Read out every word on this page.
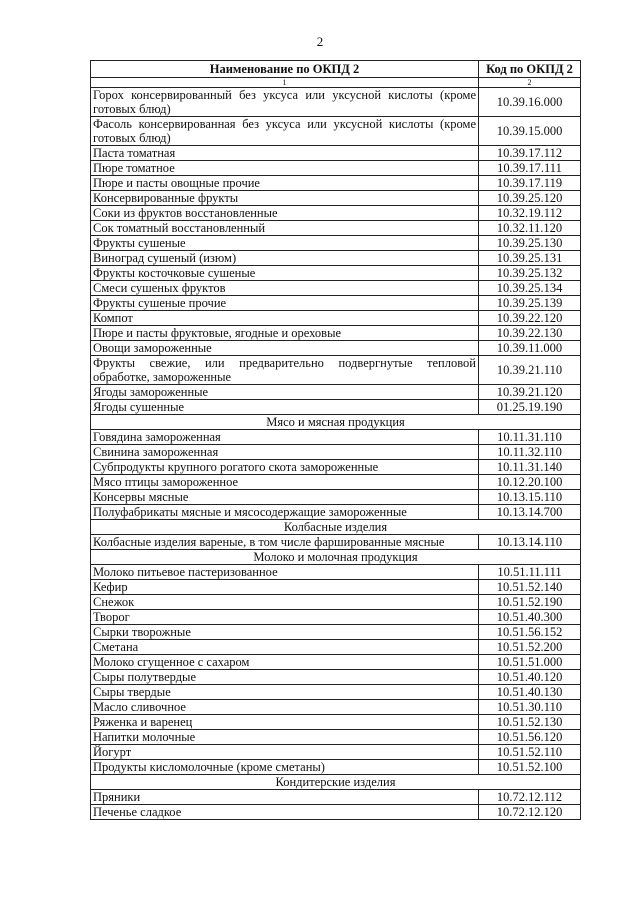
2
Наименование по ОКПД 2	Код по ОКПД 2
1	2
Горох консервированный без уксуса или уксусной кислоты (кроме готовых блюд)	10.39.16.000
Фасоль консервированная без уксуса или уксусной кислоты (кроме готовых блюд)	10.39.15.000
Паста томатная	10.39.17.112
Пюре томатное	10.39.17.111
Пюре и пасты овощные прочие	10.39.17.119
Консервированные фрукты	10.39.25.120
Соки из фруктов восстановленные	10.32.19.112
Сок томатный восстановленный	10.32.11.120
Фрукты сушеные	10.39.25.130
Виноград сушеный (изюм)	10.39.25.131
Фрукты косточковые сушеные	10.39.25.132
Смеси сушеных фруктов	10.39.25.134
Фрукты сушеные прочие	10.39.25.139
Компот	10.39.22.120
Пюре и пасты фруктовые, ягодные и ореховые	10.39.22.130
Овощи замороженные	10.39.11.000
Фрукты свежие, или предварительно подвергнутые тепловой обработке, замороженные	10.39.21.110
Ягоды замороженные	10.39.21.120
Ягоды сушенные	01.25.19.190
Мясо и мясная продукция	
Говядина замороженная	10.11.31.110
Свинина замороженная	10.11.32.110
Субпродукты крупного рогатого скота замороженные	10.11.31.140
Мясо птицы замороженное	10.12.20.100
Консервы мясные	10.13.15.110
Полуфабрикаты мясные и мясосодержащие замороженные	10.13.14.700
Колбасные изделия	
Колбасные изделия вареные, в том числе фаршированные мясные	10.13.14.110
Молоко и молочная продукция	
Молоко питьевое пастеризованное	10.51.11.111
Кефир	10.51.52.140
Снежок	10.51.52.190
Творог	10.51.40.300
Сырки творожные	10.51.56.152
Сметана	10.51.52.200
Молоко сгущенное с сахаром	10.51.51.000
Сыры полутвердые	10.51.40.120
Сыры твердые	10.51.40.130
Масло сливочное	10.51.30.110
Ряженка и варенец	10.51.52.130
Напитки молочные	10.51.56.120
Йогурт	10.51.52.110
Продукты кисломолочные (кроме сметаны)	10.51.52.100
Кондитерские изделия	
Пряники	10.72.12.112
Печенье сладкое	10.72.12.120
